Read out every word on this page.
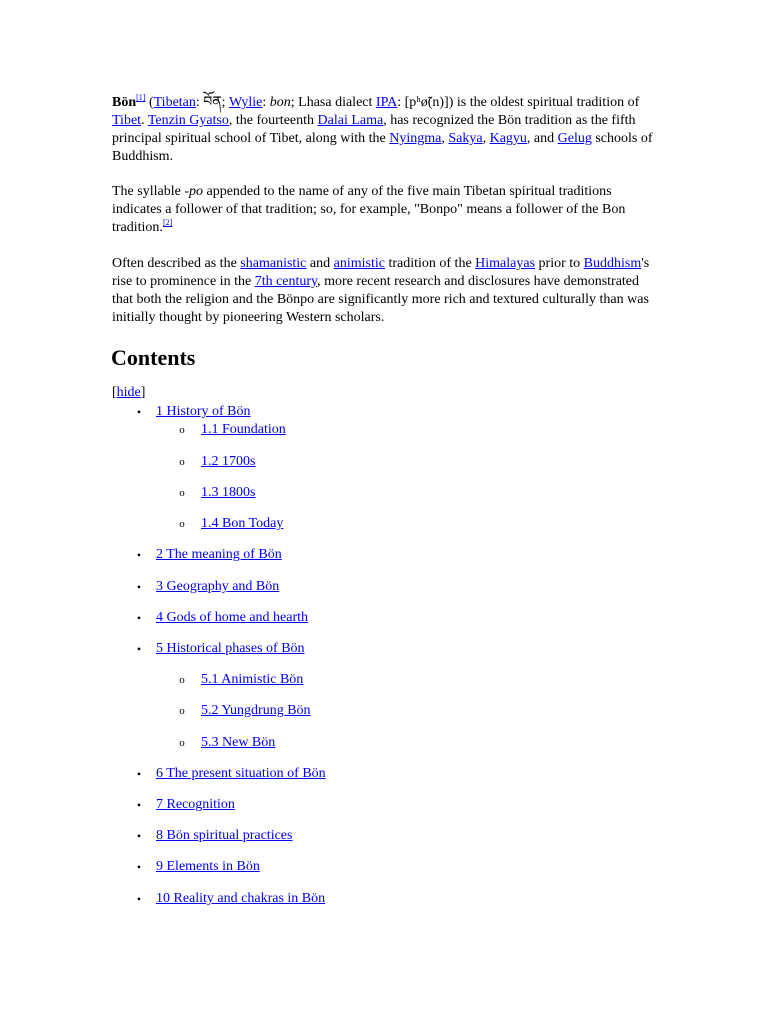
Bön[1] (Tibetan: བོན; Wylie: bon; Lhasa dialect IPA: [pʰø̃(n)]) is the oldest spiritual tradition of Tibet. Tenzin Gyatso, the fourteenth Dalai Lama, has recognized the Bön tradition as the fifth principal spiritual school of Tibet, along with the Nyingma, Sakya, Kagyu, and Gelug schools of Buddhism.

The syllable -po appended to the name of any of the five main Tibetan spiritual traditions indicates a follower of that tradition; so, for example, "Bonpo" means a follower of the Bon tradition.[2]

Often described as the shamanistic and animistic tradition of the Himalayas prior to Buddhism's rise to prominence in the 7th century, more recent research and disclosures have demonstrated that both the religion and the Bönpo are significantly more rich and textured culturally than was initially thought by pioneering Western scholars.

Contents
[hide]
• 1 History of Bön
o 1.1 Foundation
o 1.2 1700s
o 1.3 1800s
o 1.4 Bon Today
• 2 The meaning of Bön
• 3 Geography and Bön
• 4 Gods of home and hearth
• 5 Historical phases of Bön
o 5.1 Animistic Bön
o 5.2 Yungdrung Bön
o 5.3 New Bön
• 6 The present situation of Bön
• 7 Recognition
• 8 Bön spiritual practices
• 9 Elements in Bön
• 10 Reality and chakras in Bön
